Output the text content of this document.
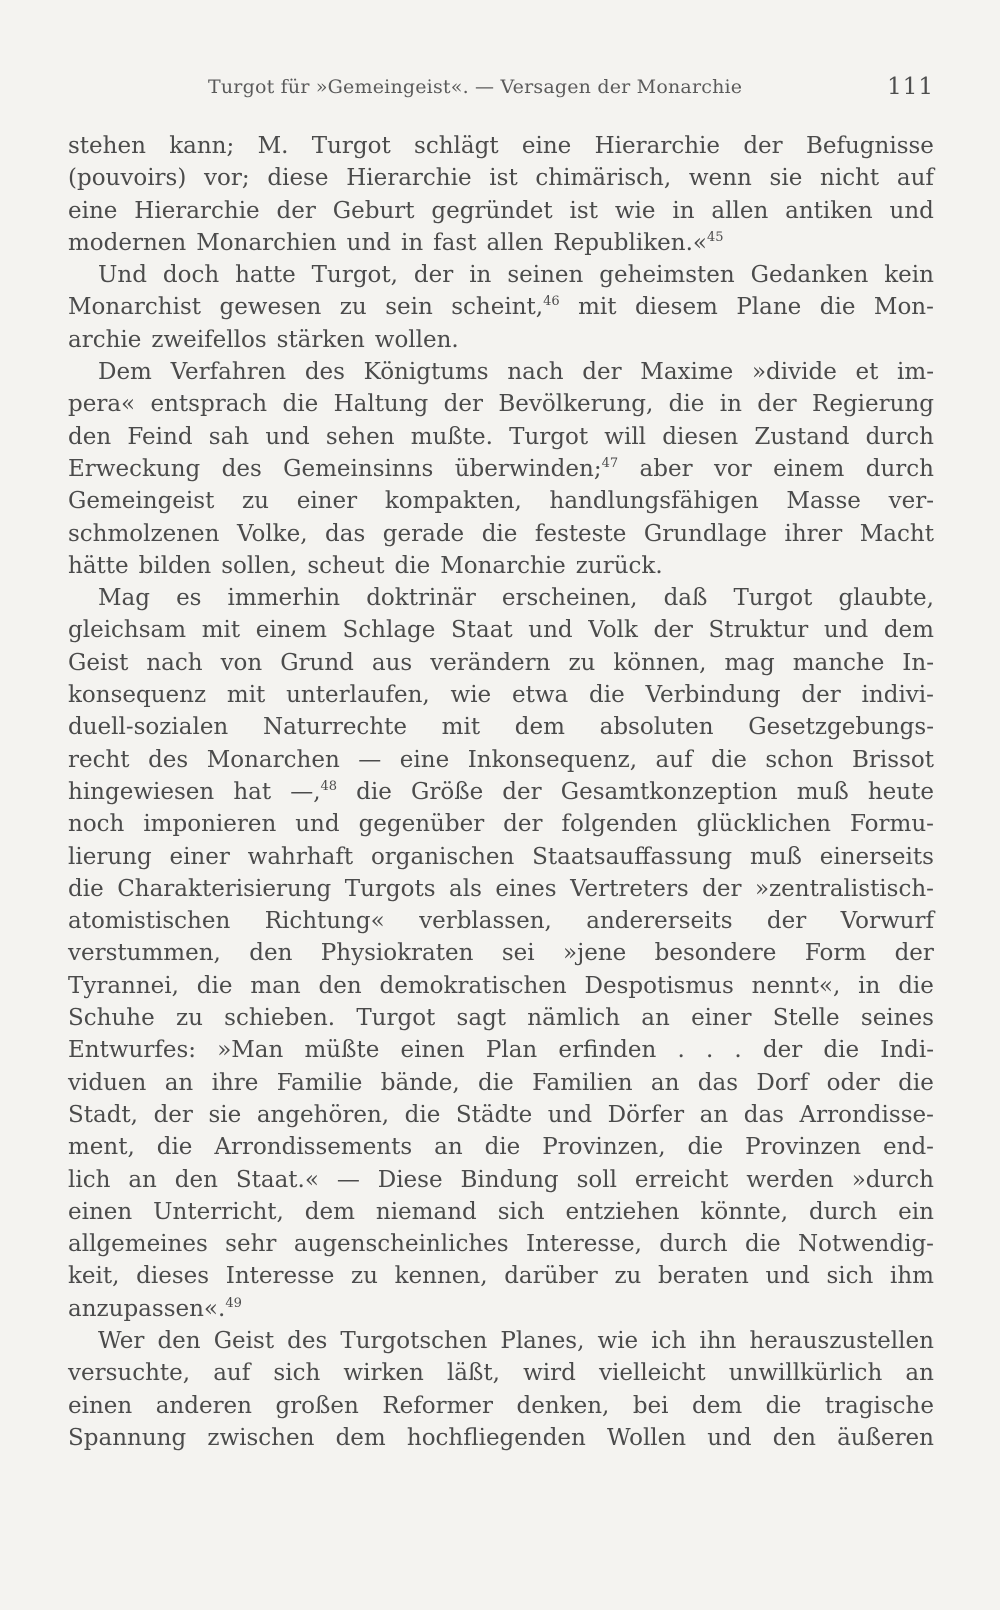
Turgot für »Gemeingeist«. — Versagen der Monarchie	111
stehen kann; M. Turgot schlägt eine Hierarchie der Befugnisse
(pouvoirs) vor; diese Hierarchie ist chimärisch, wenn sie nicht auf
eine Hierarchie der Geburt gegründet ist wie in allen antiken und
modernen Monarchien und in fast allen Republiken.«$^{45}$
Und doch hatte Turgot, der in seinen geheimsten Gedanken kein
Monarchist gewesen zu sein scheint,$^{46}$ mit diesem Plane die Mon-
archie zweifellos stärken wollen.
Dem Verfahren des Königtums nach der Maxime »divide et im-
pera« entsprach die Haltung der Bevölkerung, die in der Regierung
den Feind sah und sehen mußte. Turgot will diesen Zustand durch
Erweckung des Gemeinsinns überwinden;$^{47}$ aber vor einem durch
Gemeingeist zu einer kompakten, handlungsfähigen Masse ver-
schmolzenen Volke, das gerade die festeste Grundlage ihrer Macht
hätte bilden sollen, scheut die Monarchie zurück.
Mag es immerhin doktrinär erscheinen, daß Turgot glaubte,
gleichsam mit einem Schlage Staat und Volk der Struktur und dem
Geist nach von Grund aus verändern zu können, mag manche In-
konsequenz mit unterlaufen, wie etwa die Verbindung der indivi-
duell-sozialen Naturrechte mit dem absoluten Gesetzgebungs-
recht des Monarchen — eine Inkonsequenz, auf die schon Brissot
hingewiesen hat —,$^{48}$ die Größe der Gesamtkonzeption muß heute
noch imponieren und gegenüber der folgenden glücklichen Formu-
lierung einer wahrhaft organischen Staatsauffassung muß einerseits
die Charakterisierung Turgots als eines Vertreters der »zentralistisch-
atomistischen Richtung« verblassen, andererseits der Vorwurf
verstummen, den Physiokraten sei »jene besondere Form der
Tyrannei, die man den demokratischen Despotismus nennt«, in die
Schuhe zu schieben. Turgot sagt nämlich an einer Stelle seines
Entwurfes: »Man müßte einen Plan erfinden . . . der die Indi-
viduen an ihre Familie bände, die Familien an das Dorf oder die
Stadt, der sie angehören, die Städte und Dörfer an das Arrondisse-
ment, die Arrondissements an die Provinzen, die Provinzen end-
lich an den Staat.« — Diese Bindung soll erreicht werden »durch
einen Unterricht, dem niemand sich entziehen könnte, durch ein
allgemeines sehr augenscheinliches Interesse, durch die Notwendig-
keit, dieses Interesse zu kennen, darüber zu beraten und sich ihm
anzupassen«.$^{49}$
Wer den Geist des Turgotschen Planes, wie ich ihn herauszustellen
versuchte, auf sich wirken läßt, wird vielleicht unwillkürlich an
einen anderen großen Reformer denken, bei dem die tragische
Spannung zwischen dem hochfliegenden Wollen und den äußeren
